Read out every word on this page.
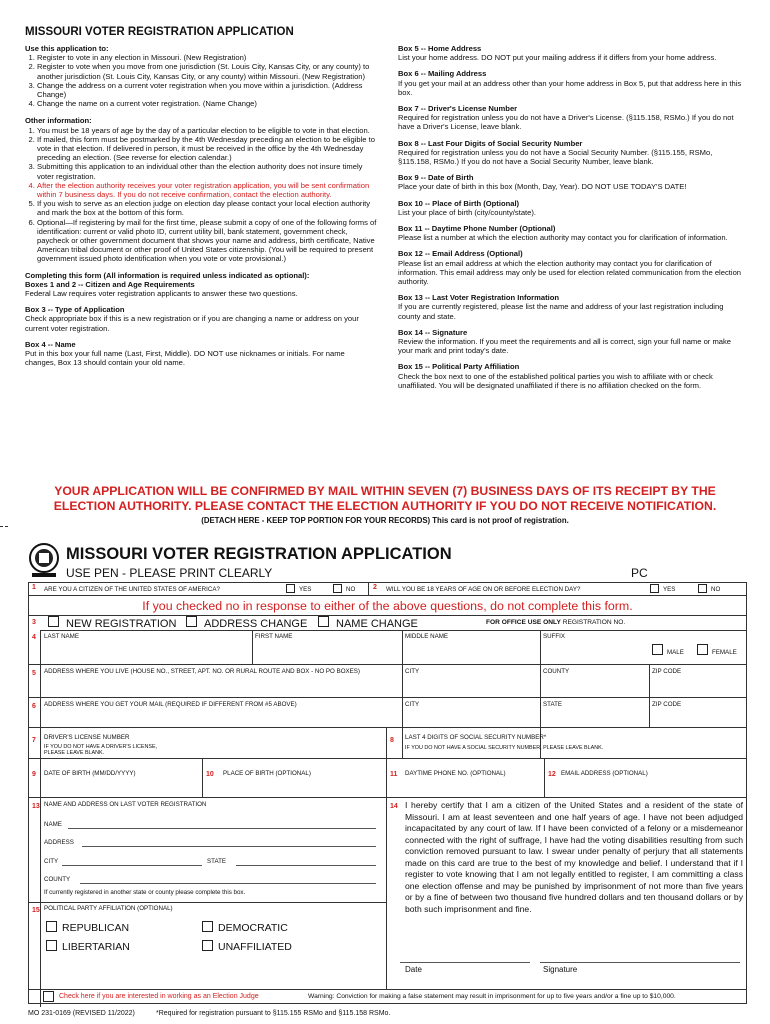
MISSOURI VOTER REGISTRATION APPLICATION
Use this application to:
1. Register to vote in any election in Missouri. (New Registration)
2. Register to vote when you move from one jurisdiction (St. Louis City, Kansas City, or any county) to another jurisdiction (St. Louis City, Kansas City, or any county) within Missouri. (New Registration)
3. Change the address on a current voter registration when you move within a jurisdiction. (Address Change)
4. Change the name on a current voter registration. (Name Change)
Other information:
1. You must be 18 years of age by the day of a particular election to be eligible to vote in that election.
2. If mailed, this form must be postmarked by the 4th Wednesday preceding an election to be eligible to vote in that election. If delivered in person, it must be received in the office by the 4th Wednesday preceding an election. (See reverse for election calendar.)
3. Submitting this application to an individual other than the election authority does not insure timely voter registration.
4. After the election authority receives your voter registration application, you will be sent confirmation within 7 business days. If you do not receive confirmation, contact the election authority.
5. If you wish to serve as an election judge on election day please contact your local election authority and mark the box at the bottom of this form.
6. Optional—If registering by mail for the first time, please submit a copy of one of the following forms of identification: current or valid photo ID, current utility bill, bank statement, government check, paycheck or other government document that shows your name and address, birth certificate, Native American tribal document or other proof of United States citizenship. (You will be required to present government issued photo identification when you vote or vote provisional.)
Completing this form (All information is required unless indicated as optional):
Boxes 1 and 2 -- Citizen and Age Requirements
Federal Law requires voter registration applicants to answer these two questions.
Box 3 -- Type of Application
Check appropriate box if this is a new registration or if you are changing a name or address on your current voter registration.
Box 4 -- Name
Put in this box your full name (Last, First, Middle). DO NOT use nicknames or initials. For name changes, Box 13 should contain your old name.
Box 5 -- Home Address
List your home address. DO NOT put your mailing address if it differs from your home address.
Box 6 -- Mailing Address
If you get your mail at an address other than your home address in Box 5, put that address here in this box.
Box 7 -- Driver's License Number
Required for registration unless you do not have a Driver's License. (§115.158, RSMo.) If you do not have a Driver's License, leave blank.
Box 8 -- Last Four Digits of Social Security Number
Required for registration unless you do not have a Social Security Number. (§115.155, RSMo, §115.158, RSMo.) If you do not have a Social Security Number, leave blank.
Box 9 -- Date of Birth
Place your date of birth in this box (Month, Day, Year). DO NOT USE TODAY'S DATE!
Box 10 -- Place of Birth (Optional)
List your place of birth (city/county/state).
Box 11 -- Daytime Phone Number (Optional)
Please list a number at which the election authority may contact you for clarification of information.
Box 12 -- Email Address (Optional)
Please list an email address at which the election authority may contact you for clarification of information. This email address may only be used for election related communication from the election authority.
Box 13 -- Last Voter Registration Information
If you are currently registered, please list the name and address of your last registration including county and state.
Box 14 -- Signature
Review the information. If you meet the requirements and all is correct, sign your full name or make your mark and print today's date.
Box 15 -- Political Party Affiliation
Check the box next to one of the established political parties you wish to affiliate with or check unaffiliated. You will be designated unaffiliated if there is no affiliation checked on the form.
YOUR APPLICATION WILL BE CONFIRMED BY MAIL WITHIN SEVEN (7) BUSINESS DAYS OF ITS RECEIPT BY THE
ELECTION AUTHORITY. PLEASE CONTACT THE ELECTION AUTHORITY IF YOU DO NOT RECEIVE NOTIFICATION.
(DETACH HERE - KEEP TOP PORTION FOR YOUR RECORDS) This card is not proof of registration.
MISSOURI VOTER REGISTRATION APPLICATION
USE PEN - PLEASE PRINT CLEARLY	PC
1 ARE YOU A CITIZEN OF THE UNITED STATES OF AMERICA?	YES	NO	2 WILL YOU BE 18 YEARS OF AGE ON OR BEFORE ELECTION DAY?	YES	NO
If you checked no in response to either of the above questions, do not complete this form.
3	NEW REGISTRATION	ADDRESS CHANGE	NAME CHANGE	FOR OFFICE USE ONLY REGISTRATION NO.
4 LAST NAME	FIRST NAME	MIDDLE NAME	SUFFIX
MALE	FEMALE
5 ADDRESS WHERE YOU LIVE (HOUSE NO., STREET, APT. NO. OR RURAL ROUTE AND BOX - NO PO BOXES)	CITY	COUNTY	ZIP CODE
6 ADDRESS WHERE YOU GET YOUR MAIL (REQUIRED IF DIFFERENT FROM #5 ABOVE)	CITY	STATE	ZIP CODE
7 DRIVER'S LICENSE NUMBER
IF YOU DO NOT HAVE A DRIVER'S LICENSE,
PLEASE LEAVE BLANK.
8 LAST 4 DIGITS OF SOCIAL SECURITY NUMBER*
IF YOU DO NOT HAVE A SOCIAL SECURITY NUMBER, PLEASE LEAVE BLANK.
9 DATE OF BIRTH (MM/DD/YYYY)	10 PLACE OF BIRTH (OPTIONAL)	11 DAYTIME PHONE NO. (OPTIONAL)	12 EMAIL ADDRESS (OPTIONAL)
13 NAME AND ADDRESS ON LAST VOTER REGISTRATION
NAME
ADDRESS
CITY	STATE
COUNTY
If currently registered in another state or county please complete this box.
14 I hereby certify that I am a citizen of the United States and a resident of the state of Missouri. I am at least seventeen and one half years of age. I have not been adjudged incapacitated by any court of law. If I have been convicted of a felony or a misdemeanor connected with the right of suffrage, I have had the voting disabilities resulting from such conviction removed pursuant to law. I swear under penalty of perjury that all statements made on this card are true to the best of my knowledge and belief. I understand that if I register to vote knowing that I am not legally entitled to register, I am committing a class one election offense and may be punished by imprisonment of not more than five years or by a fine of between two thousand five hundred dollars and ten thousand dollars or by both such imprisonment and fine.
Date	Signature
15 POLITICAL PARTY AFFILIATION (OPTIONAL)
REPUBLICAN	DEMOCRATIC
LIBERTARIAN	UNAFFILIATED
Check here if you are interested in working as an Election Judge	Warning: Conviction for making a false statement may result in imprisonment for up to five years and/or a fine up to $10,000.
MO 231-0169 (REVISED 11/2022)	*Required for registration pursuant to §115.155 RSMo and §115.158 RSMo.
